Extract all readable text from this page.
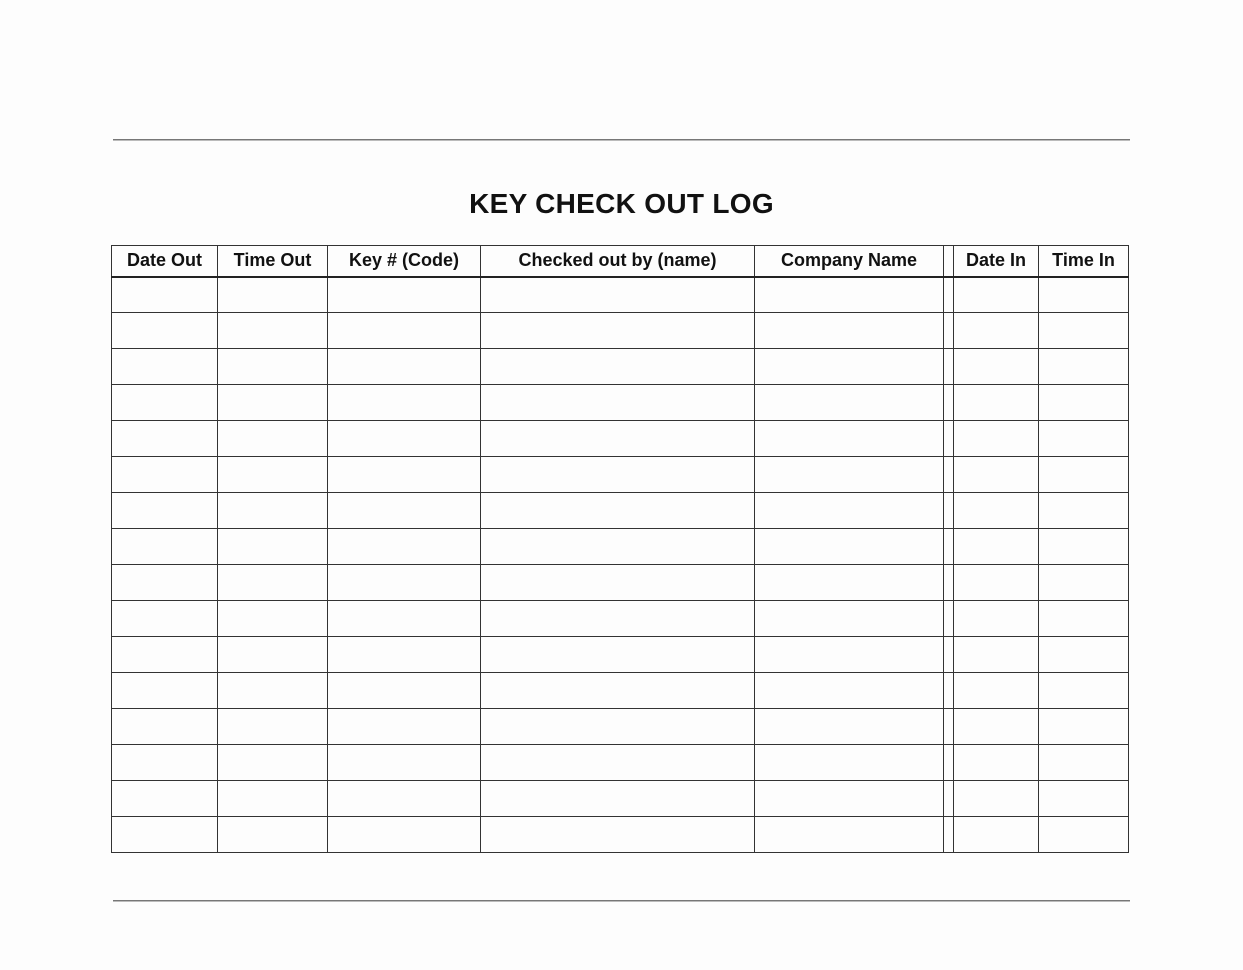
KEY CHECK OUT LOG
Date Out	Time Out	Key # (Code)	Checked out by (name)	Company Name		Date In	Time In
